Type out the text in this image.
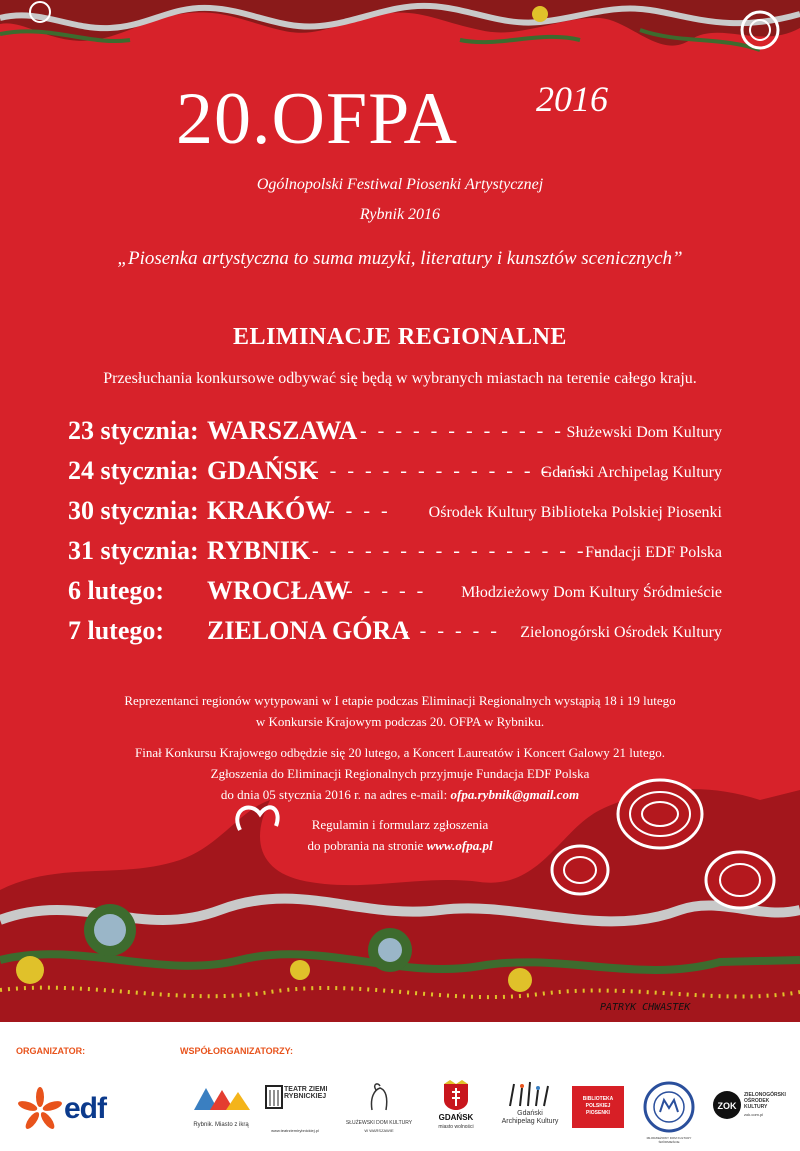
20.OFPA 2016
Ogólnopolski Festiwal Piosenki Artystycznej
Rybnik 2016
„Piosenka artystyczna to suma muzyki, literatury i kunsztów scenicznych”
ELIMINACJE REGIONALNE
Przesłuchania konkursowe odbywać się będą w wybranych miastach na terenie całego kraju.
23 stycznia: WARSZAWA - - - - - - - - - - - - Służewski Dom Kultury
24 stycznia: GDAŃSK
- - - - - - - - - - - - - - - -
Gdański Archipelag Kultury
30 stycznia: KRAKÓW
- - - - Ośrodek Kultury Biblioteka Polskiej Piosenki
31 stycznia: RYBNIK - - - - - - - - - - - - - - - - -
Fundacji EDF Polska
6 lutego: WROCŁAW
- - - - - Młodzieżowy Dom Kultury Śródmieście
7 lutego: ZIELONA GÓRA
- - - - - - Zielonogórski Ośrodek Kultury
Reprezentanci regionów wytypowani w I etapie podczas Eliminacji Regionalnych wystąpią 18 i 19 lutego
w Konkursie Krajowym podczas 20. OFPA w Rybniku.
Finał Konkursu Krajowego odbędzie się 20 lutego, a Koncert Laureatów i Koncert Galowy 21 lutego.
Zgłoszenia do Eliminacji Regionalnych przyjmuje Fundacja EDF Polska
do dnia 05 stycznia 2016 r. na adres e-mail: ofpa.rybnik@gmail.com
Regulamin i formularz zgłoszenia
do pobrania na stronie www.ofpa.pl
PATRYK CHWASTEK
ORGANIZATOR:	WSPÓŁORGANIZATORZY:
edf	Rybnik. Miasto z ikrą
TEATR ZIEMI RYBNICKIEJ
www.teatrziemirybnickiej.pl
SŁUŻEWSKI DOM KULTURY
W WARSZAWIE
GDAŃSK
miasto wolności
Gdański Archipelag Kultury
BIBLIOTEKA POLSKIEJ PIOSENKI
MŁODZIEŻOWY DOM KULTURY ŚRÓDMIEŚCIE
ZOK
ZIELONOGÓRSKI OŚRODEK KULTURY
zok.com.pl
